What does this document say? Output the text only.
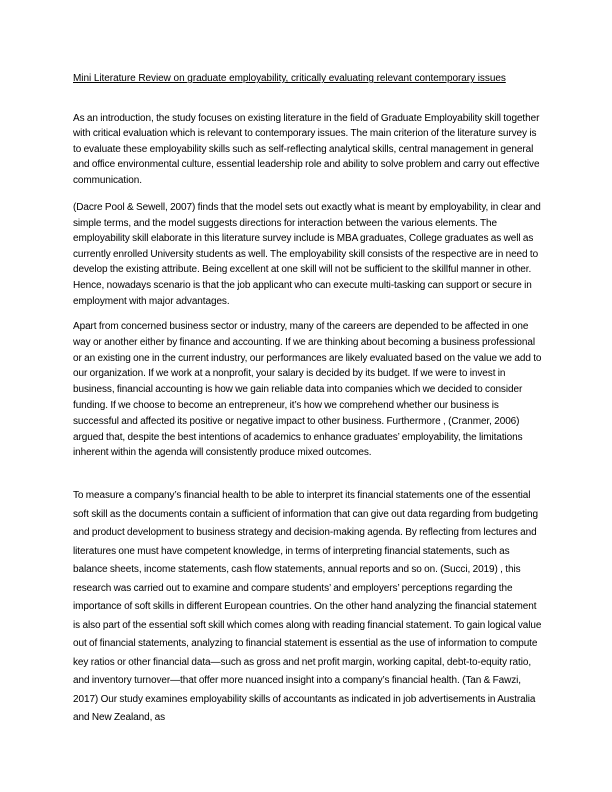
Mini Literature Review on graduate employability, critically evaluating relevant contemporary issues

As an introduction, the study focuses on existing literature in the field of Graduate Employability skill together with critical evaluation which is relevant to contemporary issues. The main criterion of the literature survey is to evaluate these employability skills such as self-reflecting analytical skills, central management in general and office environmental culture, essential leadership role and ability to solve problem and carry out effective communication.

(Dacre Pool & Sewell, 2007) finds that the model sets out exactly what is meant by employability, in clear and simple terms, and the model suggests directions for interaction between the various elements. The employability skill elaborate in this literature survey include is MBA graduates, College graduates as well as currently enrolled University students as well. The employability skill consists of the respective are in need to develop the existing attribute. Being excellent at one skill will not be sufficient to the skillful manner in other. Hence, nowadays scenario is that the job applicant who can execute multi-tasking can support or secure in employment with major advantages.

Apart from concerned business sector or industry, many of the careers are depended to be affected in one way or another either by finance and accounting. If we are thinking about becoming a business professional or an existing one in the current industry, our performances are likely evaluated based on the value we add to our organization. If we work at a nonprofit, your salary is decided by its budget. If we were to invest in business, financial accounting is how we gain reliable data into companies which we decided to consider funding. If we choose to become an entrepreneur, it’s how we comprehend whether our business is successful and affected its positive or negative impact to other business. Furthermore , (Cranmer, 2006) argued that, despite the best intentions of academics to enhance graduates’ employability, the limitations inherent within the agenda will consistently produce mixed outcomes.

To measure a company’s financial health to be able to interpret its financial statements one of the essential soft skill as the documents contain a sufficient of information that can give out data regarding from budgeting and product development to business strategy and decision-making agenda. By reflecting from lectures and literatures one must have competent knowledge, in terms of interpreting financial statements, such as balance sheets, income statements, cash flow statements, annual reports and so on. (Succi, 2019) , this research was carried out to examine and compare students’ and employers’ perceptions regarding the importance of soft skills in different European countries. On the other hand analyzing the financial statement is also part of the essential soft skill which comes along with reading financial statement. To gain logical value out of financial statements, analyzing to financial statement is essential as the use of information to compute key ratios or other financial data—such as gross and net profit margin, working capital, debt-to-equity ratio, and inventory turnover—that offer more nuanced insight into a company’s financial health. (Tan & Fawzi, 2017) Our study examines employability skills of accountants as indicated in job advertisements in Australia and New Zealand, as
